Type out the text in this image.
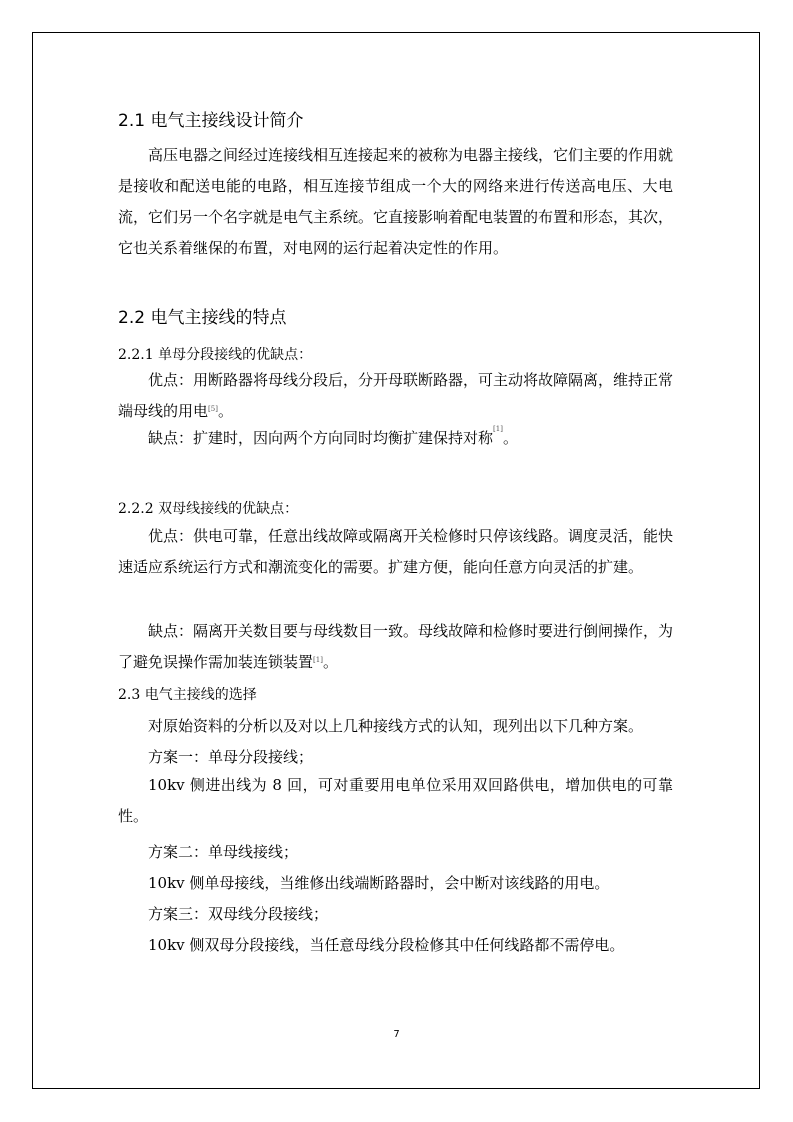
2.1 电气主接线设计简介
高压电器之间经过连接线相互连接起来的被称为电器主接线，它们主要的作用就是接收和配送电能的电路，相互连接节组成一个大的网络来进行传送高电压、大电流，它们另一个名字就是电气主系统。它直接影响着配电装置的布置和形态，其次，它也关系着继保的布置，对电网的运行起着决定性的作用。
2.2 电气主接线的特点
2.2.1 单母分段接线的优缺点：
优点：用断路器将母线分段后，分开母联断路器，可主动将故障隔离，维持正常端母线的用电[5]。
缺点：扩建时，因向两个方向同时均衡扩建保持对称[1]。
2.2.2 双母线接线的优缺点：
优点：供电可靠，任意出线故障或隔离开关检修时只停该线路。调度灵活，能快速适应系统运行方式和潮流变化的需要。扩建方便，能向任意方向灵活的扩建。
缺点：隔离开关数目要与母线数目一致。母线故障和检修时要进行倒闸操作，为了避免误操作需加装连锁装置[1]。
2.3 电气主接线的选择
对原始资料的分析以及对以上几种接线方式的认知，现列出以下几种方案。
方案一：单母分段接线；
10kv 侧进出线为 8 回，可对重要用电单位采用双回路供电，增加供电的可靠性。
方案二：单母线接线；
10kv 侧单母接线，当维修出线端断路器时，会中断对该线路的用电。
方案三：双母线分段接线；
10kv 侧双母分段接线，当任意母线分段检修其中任何线路都不需停电。
7
